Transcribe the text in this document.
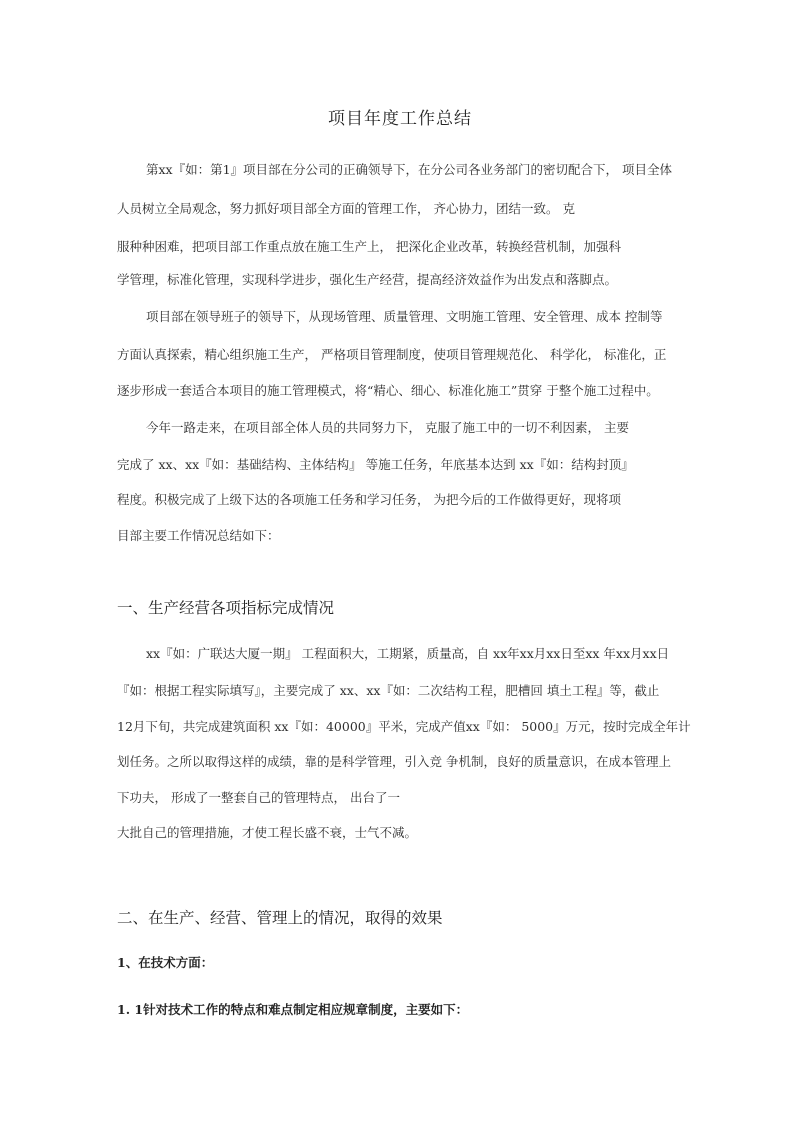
项目年度工作总结
第xx『如：第1』项目部在分公司的正确领导下，在分公司各业务部门的密切配合下， 项目全体
人员树立全局观念，努力抓好项目部全方面的管理工作， 齐心协力，团结一致。 克
服种种困难，把项目部工作重点放在施工生产上， 把深化企业改革，转换经营机制，加强科
学管理，标准化管理，实现科学进步，强化生产经营，提高经济效益作为出发点和落脚点。
项目部在领导班子的领导下，从现场管理、质量管理、文明施工管理、安全管理、成本 控制等
方面认真探索，精心组织施工生产， 严格项目管理制度，使项目管理规范化、 科学化， 标准化，正
逐步形成一套适合本项目的施工管理模式，将“精心、细心、标准化施工”贯穿 于整个施工过程中。
今年一路走来，在项目部全体人员的共同努力下， 克服了施工中的一切不利因素， 主要
完成了 xx、xx『如：基础结构、主体结构』 等施工任务，年底基本达到 xx『如：结构封顶』
程度。积极完成了上级下达的各项施工任务和学习任务， 为把今后的工作做得更好，现将项
目部主要工作情况总结如下：
一、生产经营各项指标完成情况
xx『如：广联达大厦一期』 工程面积大，工期紧，质量高，自 xx年xx月xx日至xx 年xx月xx日
『如：根据工程实际填写』，主要完成了 xx、xx『如：二次结构工程，肥槽回 填土工程』等，截止
12月下旬，共完成建筑面积 xx『如：40000』平米，完成产值xx『如： 5000』万元，按时完成全年计
划任务。之所以取得这样的成绩，靠的是科学管理，引入竞 争机制，良好的质量意识，在成本管理上
下功夫， 形成了一整套自己的管理特点， 出台了一
大批自己的管理措施，才使工程长盛不衰，士气不减。
二、在生产、经营、管理上的情况，取得的效果
1、在技术方面：
1. 1针对技术工作的特点和难点制定相应规章制度，主要如下：
